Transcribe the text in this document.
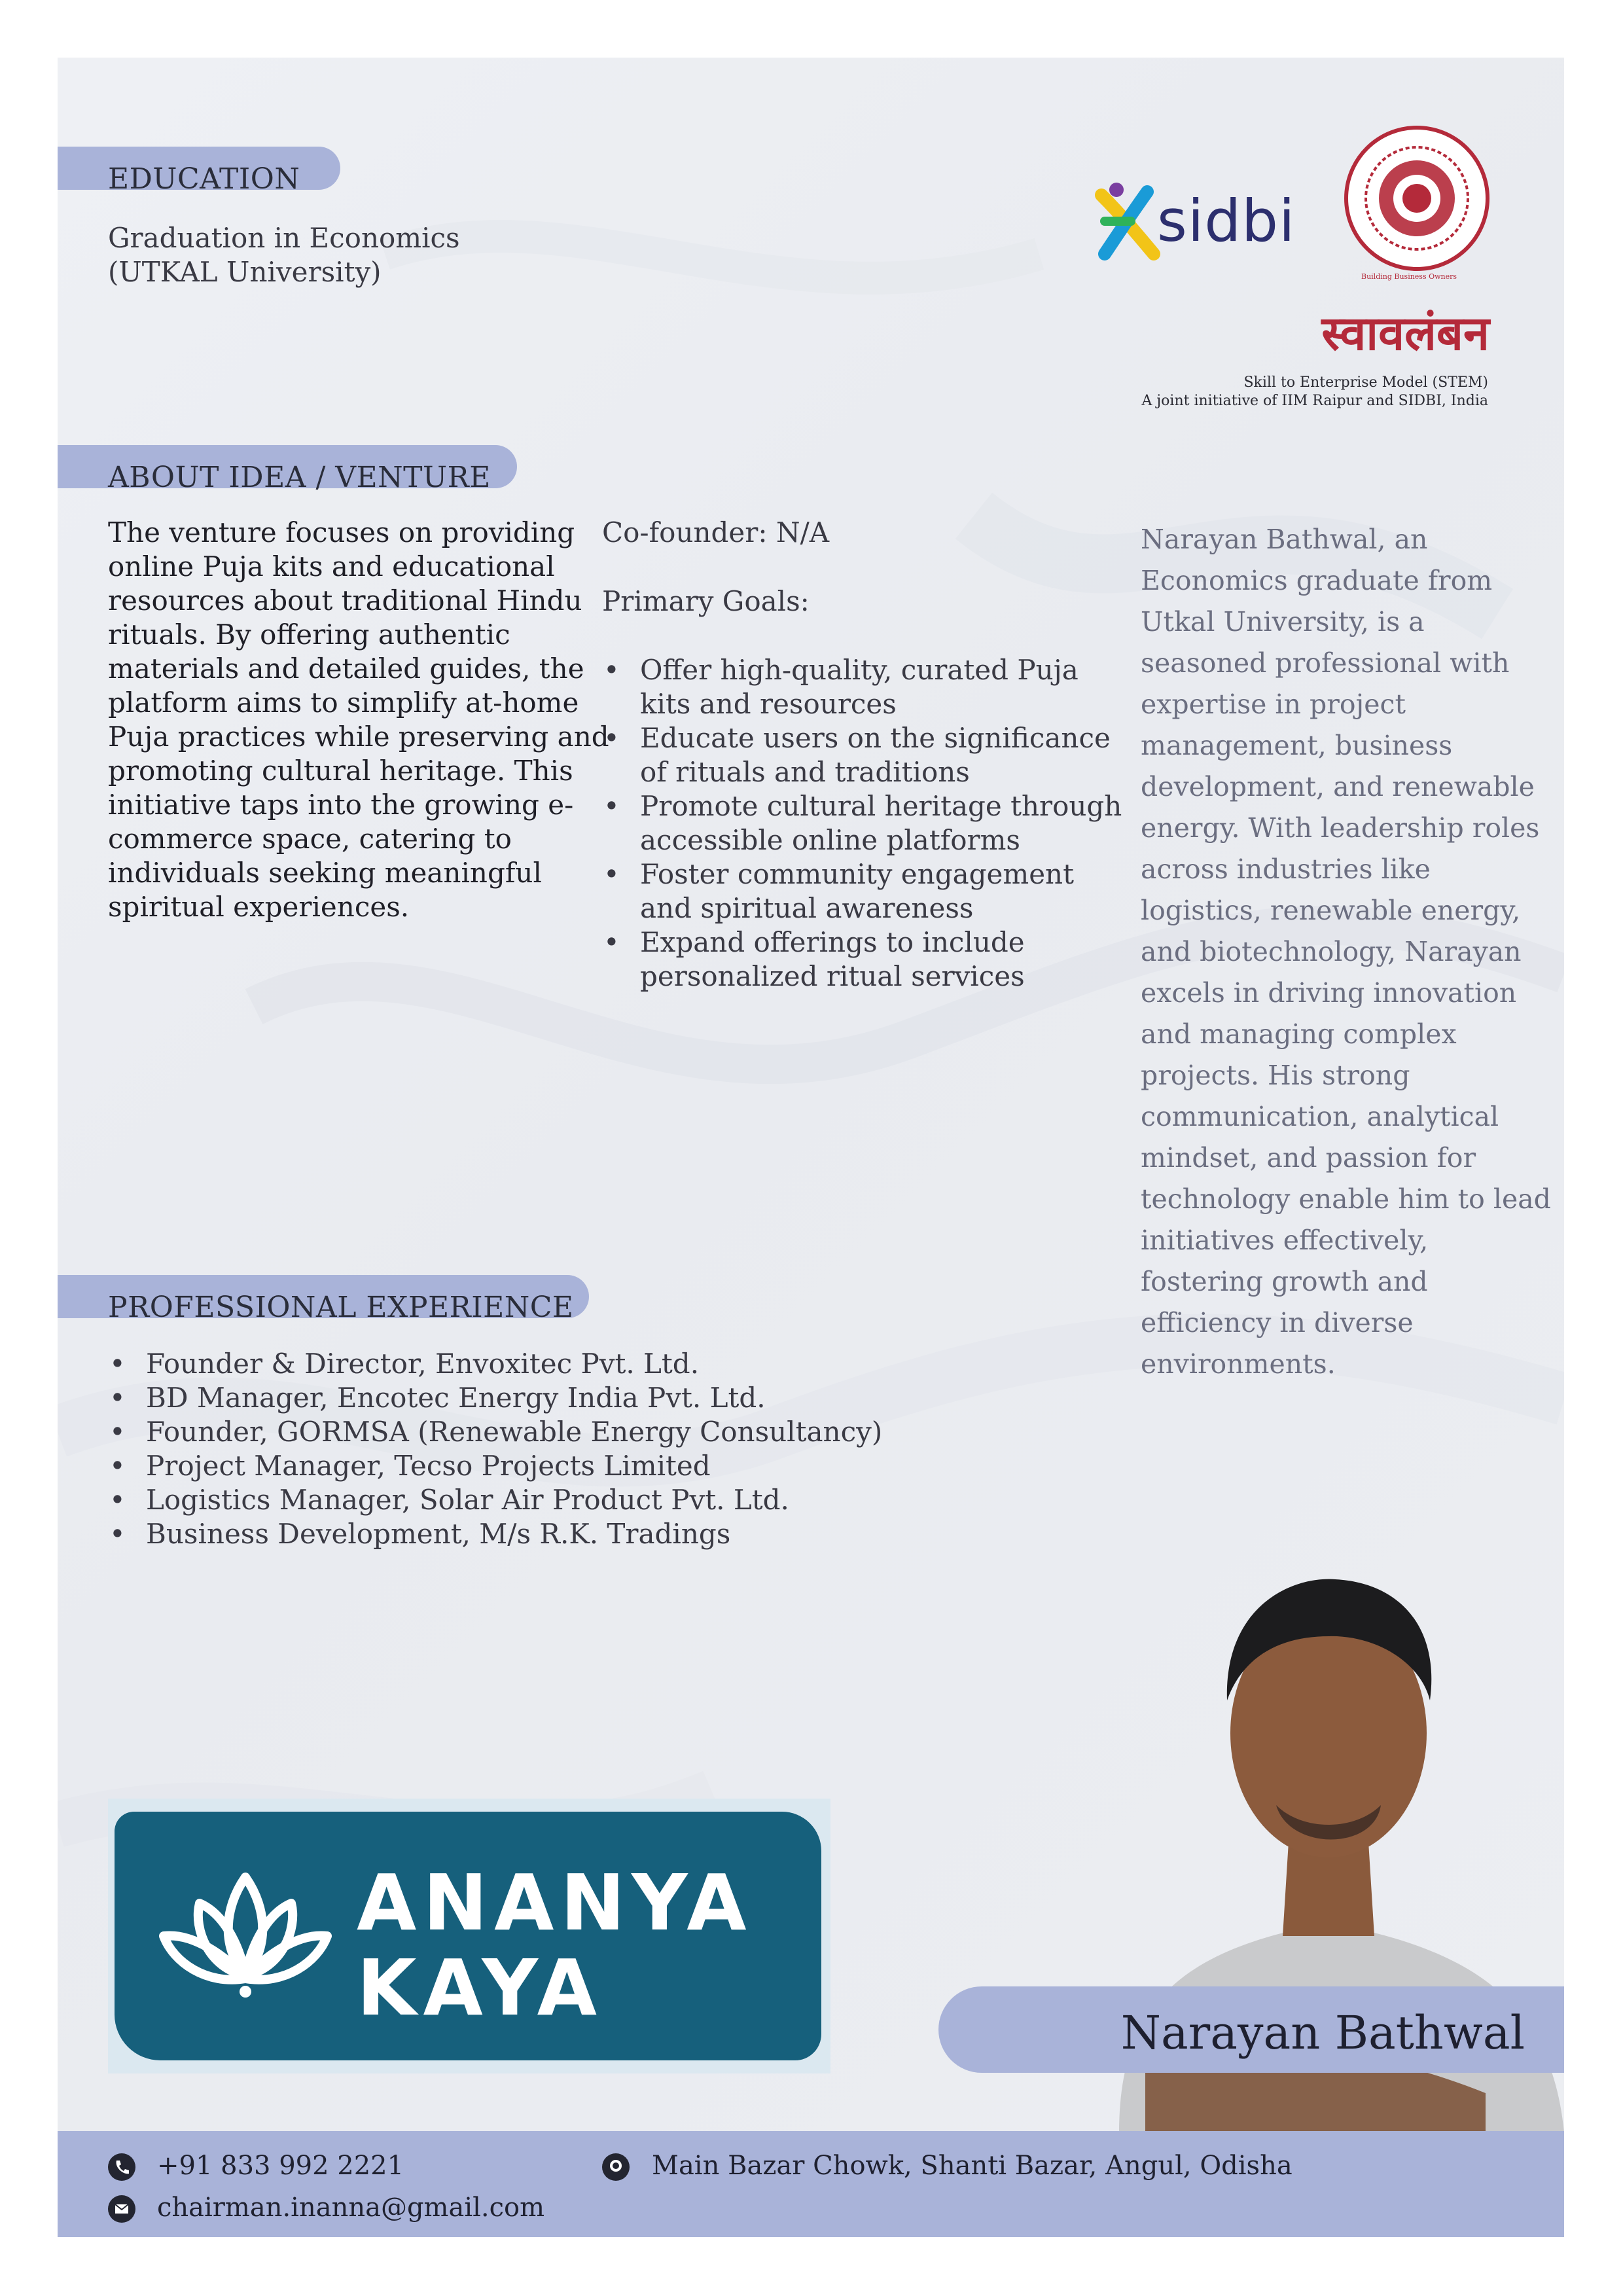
EDUCATION
Graduation in Economics
(UTKAL University)
sidbi
Building Business Owners
स्वावलंबन
Skill to Enterprise Model (STEM)
A joint initiative of IIM Raipur and SIDBI, India
ABOUT IDEA / VENTURE
The venture focuses on providing
online Puja kits and educational
resources about traditional Hindu
rituals. By offering authentic
materials and detailed guides, the
platform aims to simplify at-home
Puja practices while preserving and
promoting cultural heritage. This
initiative taps into the growing e-
commerce space, catering to
individuals seeking meaningful
spiritual experiences.
Co-founder: N/A
Primary Goals:
• Offer high-quality, curated Puja
kits and resources
• Educate users on the significance
of rituals and traditions
• Promote cultural heritage through
accessible online platforms
• Foster community engagement
and spiritual awareness
• Expand offerings to include
personalized ritual services
Narayan Bathwal, an
Economics graduate from
Utkal University, is a
seasoned professional with
expertise in project
management, business
development, and renewable
energy. With leadership roles
across industries like
logistics, renewable energy,
and biotechnology, Narayan
excels in driving innovation
and managing complex
projects. His strong
communication, analytical
mindset, and passion for
technology enable him to lead
initiatives effectively,
fostering growth and
efficiency in diverse
environments.
PROFESSIONAL EXPERIENCE
• Founder & Director, Envoxitec Pvt. Ltd.
• BD Manager, Encotec Energy India Pvt. Ltd.
• Founder, GORMSA (Renewable Energy Consultancy)
• Project Manager, Tecso Projects Limited
• Logistics Manager, Solar Air Product Pvt. Ltd.
• Business Development, M/s R.K. Tradings
ANANYA
KAYA	Narayan Bathwal
+91 833 992 2221
chairman.inanna@gmail.com
Main Bazar Chowk, Shanti Bazar, Angul, Odisha
